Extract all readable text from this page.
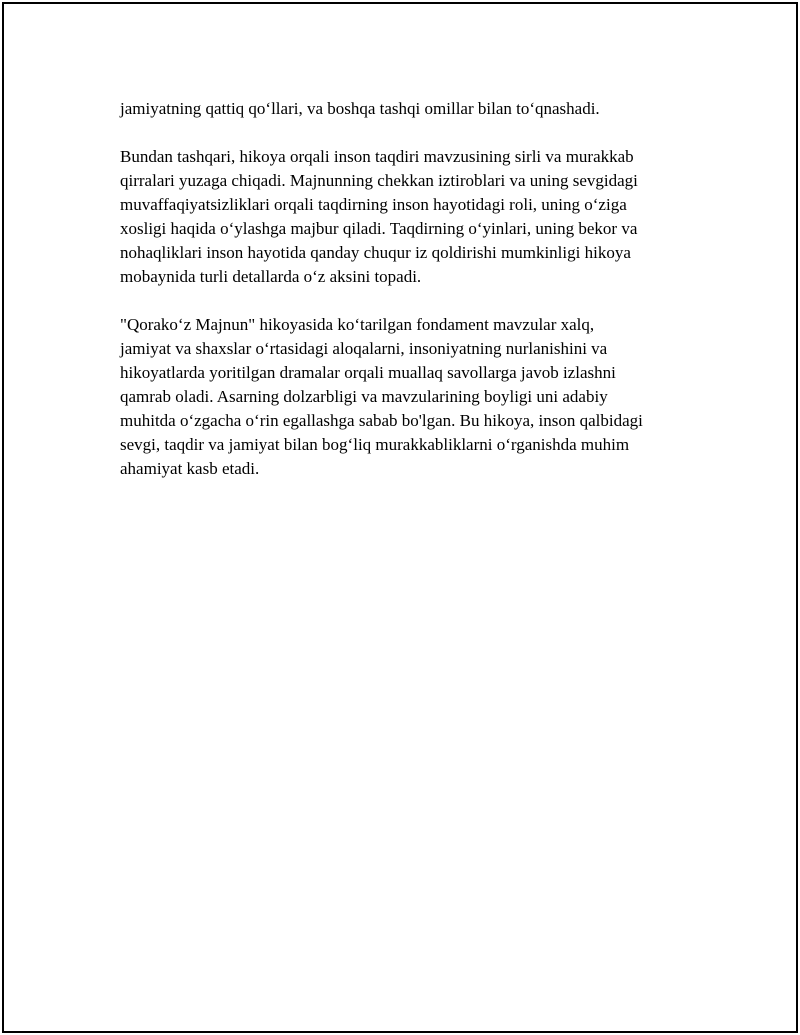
jamiyatning qattiq qo‘llari, va boshqa tashqi omillar bilan to‘qnashadi.

Bundan tashqari, hikoya orqali inson taqdiri mavzusining sirli va murakkab
qirralari yuzaga chiqadi. Majnunning chekkan iztiroblari va uning sevgidagi
muvaffaqiyatsizliklari orqali taqdirning inson hayotidagi roli, uning o‘ziga
xosligi haqida o‘ylashga majbur qiladi. Taqdirning o‘yinlari, uning bekor va
nohaqliklari inson hayotida qanday chuqur iz qoldirishi mumkinligi hikoya
mobaynida turli detallarda o‘z aksini topadi.

"Qorako‘z Majnun" hikoyasida ko‘tarilgan fondament mavzular xalq,
jamiyat va shaxslar o‘rtasidagi aloqalarni, insoniyatning nurlanishini va
hikoyatlarda yoritilgan dramalar orqali muallaq savollarga javob izlashni
qamrab oladi. Asarning dolzarbligi va mavzularining boyligi uni adabiy
muhitda o‘zgacha o‘rin egallashga sabab bo'lgan. Bu hikoya, inson qalbidagi
sevgi, taqdir va jamiyat bilan bog‘liq murakkabliklarni o‘rganishda muhim
ahamiyat kasb etadi.
